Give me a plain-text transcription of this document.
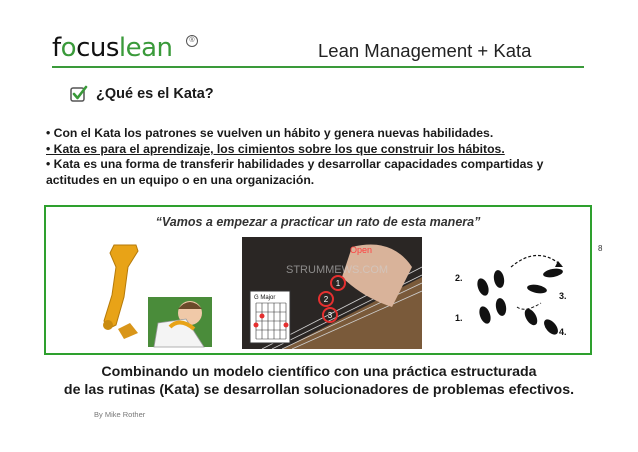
focuslean	®	Lean Management + Kata
¿Qué es el Kata?

• Con el Kata los patrones se vuelven un hábito y genera nuevas habilidades.

• Kata es para el aprendizaje, los cimientos sobre los que construir los hábitos.

• Kata es una forma de transferir habilidades y desarrollar capacidades compartidas y actitudes en un equipo o en una organización.

“Vamos a empezar a practicar un rato de esta manera”
STRUMMEWS.COM
Open
1
2
3
G Major
1.
2.
3.
4.
8

Combinando un modelo científico con una práctica estructurada

de las rutinas (Kata) se desarrollan solucionadores de problemas efectivos.

By Mike Rother
